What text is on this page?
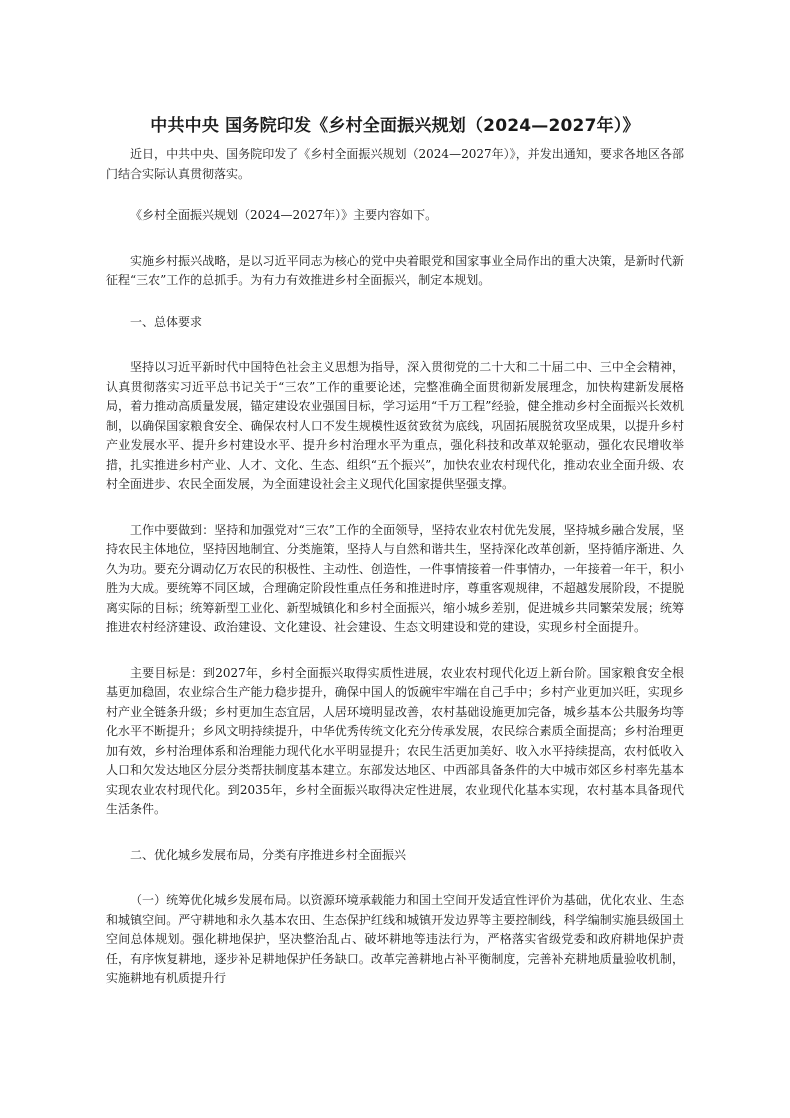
中共中央 国务院印发《乡村全面振兴规划（2024—2027年）》

近日，中共中央、国务院印发了《乡村全面振兴规划（2024—2027年）》，并发出通知，要求各地区各部门结合实际认真贯彻落实。

《乡村全面振兴规划（2024—2027年）》主要内容如下。

实施乡村振兴战略，是以习近平同志为核心的党中央着眼党和国家事业全局作出的重大决策，是新时代新征程“三农”工作的总抓手。为有力有效推进乡村全面振兴，制定本规划。

一、总体要求

坚持以习近平新时代中国特色社会主义思想为指导，深入贯彻党的二十大和二十届二中、三中全会精神，认真贯彻落实习近平总书记关于“三农”工作的重要论述，完整准确全面贯彻新发展理念，加快构建新发展格局，着力推动高质量发展，锚定建设农业强国目标，学习运用“千万工程”经验，健全推动乡村全面振兴长效机制，以确保国家粮食安全、确保农村人口不发生规模性返贫致贫为底线，巩固拓展脱贫攻坚成果，以提升乡村产业发展水平、提升乡村建设水平、提升乡村治理水平为重点，强化科技和改革双轮驱动，强化农民增收举措，扎实推进乡村产业、人才、文化、生态、组织“五个振兴”，加快农业农村现代化，推动农业全面升级、农村全面进步、农民全面发展，为全面建设社会主义现代化国家提供坚强支撑。

工作中要做到：坚持和加强党对“三农”工作的全面领导，坚持农业农村优先发展，坚持城乡融合发展，坚持农民主体地位，坚持因地制宜、分类施策，坚持人与自然和谐共生，坚持深化改革创新，坚持循序渐进、久久为功。要充分调动亿万农民的积极性、主动性、创造性，一件事情接着一件事情办，一年接着一年干，积小胜为大成。要统筹不同区域，合理确定阶段性重点任务和推进时序，尊重客观规律，不超越发展阶段，不提脱离实际的目标；统筹新型工业化、新型城镇化和乡村全面振兴，缩小城乡差别，促进城乡共同繁荣发展；统筹推进农村经济建设、政治建设、文化建设、社会建设、生态文明建设和党的建设，实现乡村全面提升。

主要目标是：到2027年，乡村全面振兴取得实质性进展，农业农村现代化迈上新台阶。国家粮食安全根基更加稳固，农业综合生产能力稳步提升，确保中国人的饭碗牢牢端在自己手中；乡村产业更加兴旺，实现乡村产业全链条升级；乡村更加生态宜居，人居环境明显改善，农村基础设施更加完备，城乡基本公共服务均等化水平不断提升；乡风文明持续提升，中华优秀传统文化充分传承发展，农民综合素质全面提高；乡村治理更加有效，乡村治理体系和治理能力现代化水平明显提升；农民生活更加美好、收入水平持续提高，农村低收入人口和欠发达地区分层分类帮扶制度基本建立。东部发达地区、中西部具备条件的大中城市郊区乡村率先基本实现农业农村现代化。到2035年，乡村全面振兴取得决定性进展，农业现代化基本实现，农村基本具备现代生活条件。

二、优化城乡发展布局，分类有序推进乡村全面振兴

（一）统筹优化城乡发展布局。以资源环境承载能力和国土空间开发适宜性评价为基础，优化农业、生态和城镇空间。严守耕地和永久基本农田、生态保护红线和城镇开发边界等主要控制线，科学编制实施县级国土空间总体规划。强化耕地保护，坚决整治乱占、破坏耕地等违法行为，严格落实省级党委和政府耕地保护责任，有序恢复耕地，逐步补足耕地保护任务缺口。改革完善耕地占补平衡制度，完善补充耕地质量验收机制，实施耕地有机质提升行
